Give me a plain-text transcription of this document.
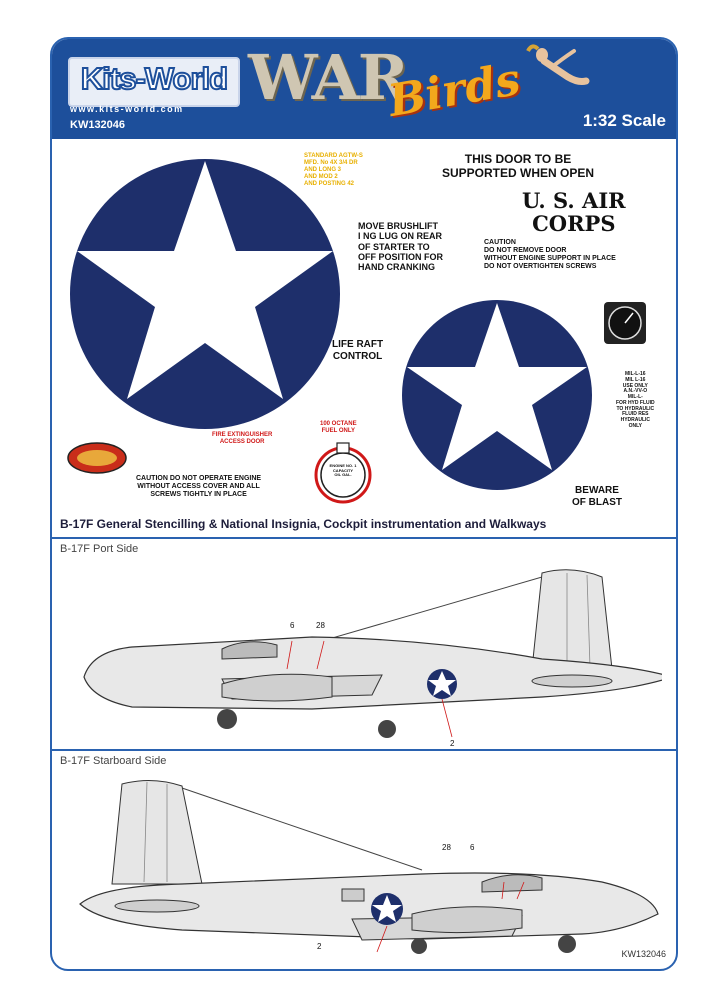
Kits-World
www.kits-world.com
KW132046
WAR
Birds	1:32 Scale
STANDARD AGTW-S
MFD. No 4X 3/4 DR
AND LONG 3
AND MOD 2
AND POSTING 42
THIS DOOR TO BE
SUPPORTED WHEN OPEN
U. S. AIR
CORPS
MOVE BRUSHLIFT
I NG LUG ON REAR
OF STARTER TO
OFF POSITION FOR
HAND CRANKING
CAUTION
DO NOT REMOVE DOOR
WITHOUT ENGINE SUPPORT IN PLACE
DO NOT OVERTIGHTEN SCREWS
LIFE RAFT
CONTROL
MIL-L-16
MIL L-16
USE ONLY
A.N.-VV-O
MIL-L-
FOR HYD FLUID
TO HYDRAULIC
FLUID RES
HYDRAULIC
ONLY
FIRE EXTINGUISHER
ACCESS DOOR
100 OCTANE
FUEL ONLY
ENGINE NO. 1
CAPACITY
OIL GAL.
CAUTION DO NOT OPERATE ENGINE
WITHOUT ACCESS COVER AND ALL
SCREWS TIGHTLY IN PLACE	BEWARE
OF BLAST
B-17F General Stencilling & National Insignia, Cockpit instrumentation and Walkways
B-17F Port Side
6	28
2
B-17F Starboard Side
28 6
2
KW132046
